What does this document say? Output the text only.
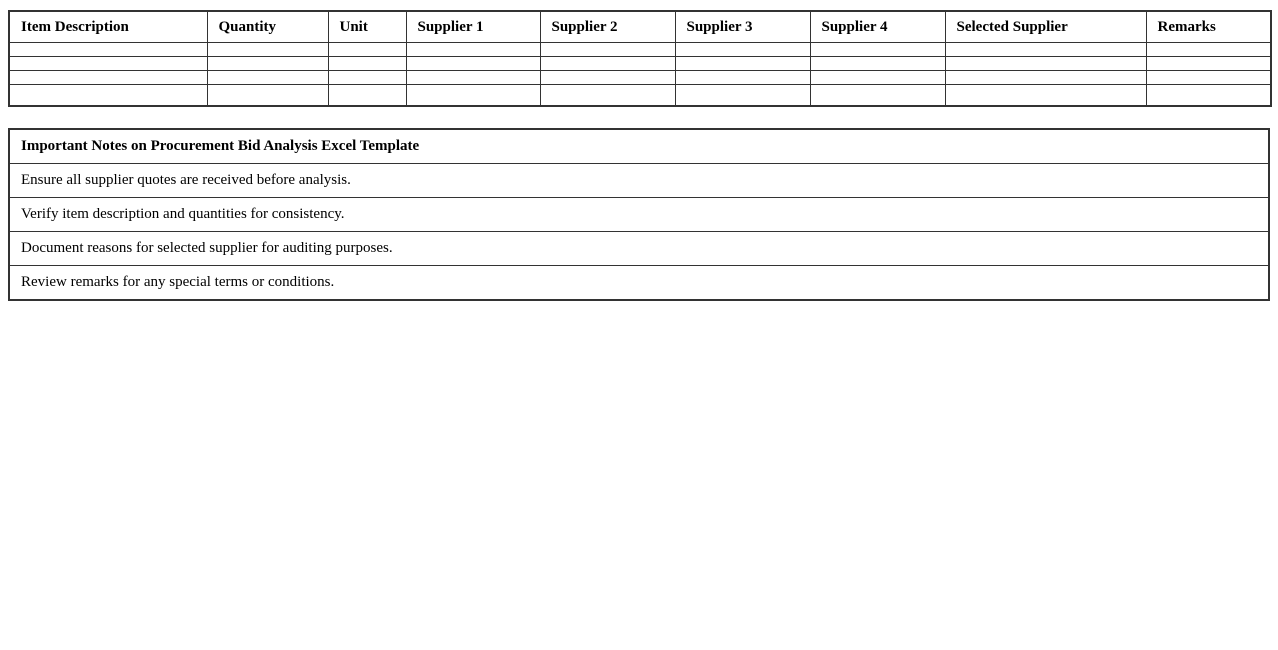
Item Description	Quantity	Unit	Supplier 1	Supplier 2	Supplier 3	Supplier 4	Selected Supplier	Remarks

Important Notes on Procurement Bid Analysis Excel Template
Ensure all supplier quotes are received before analysis.
Verify item description and quantities for consistency.
Document reasons for selected supplier for auditing purposes.
Review remarks for any special terms or conditions.
